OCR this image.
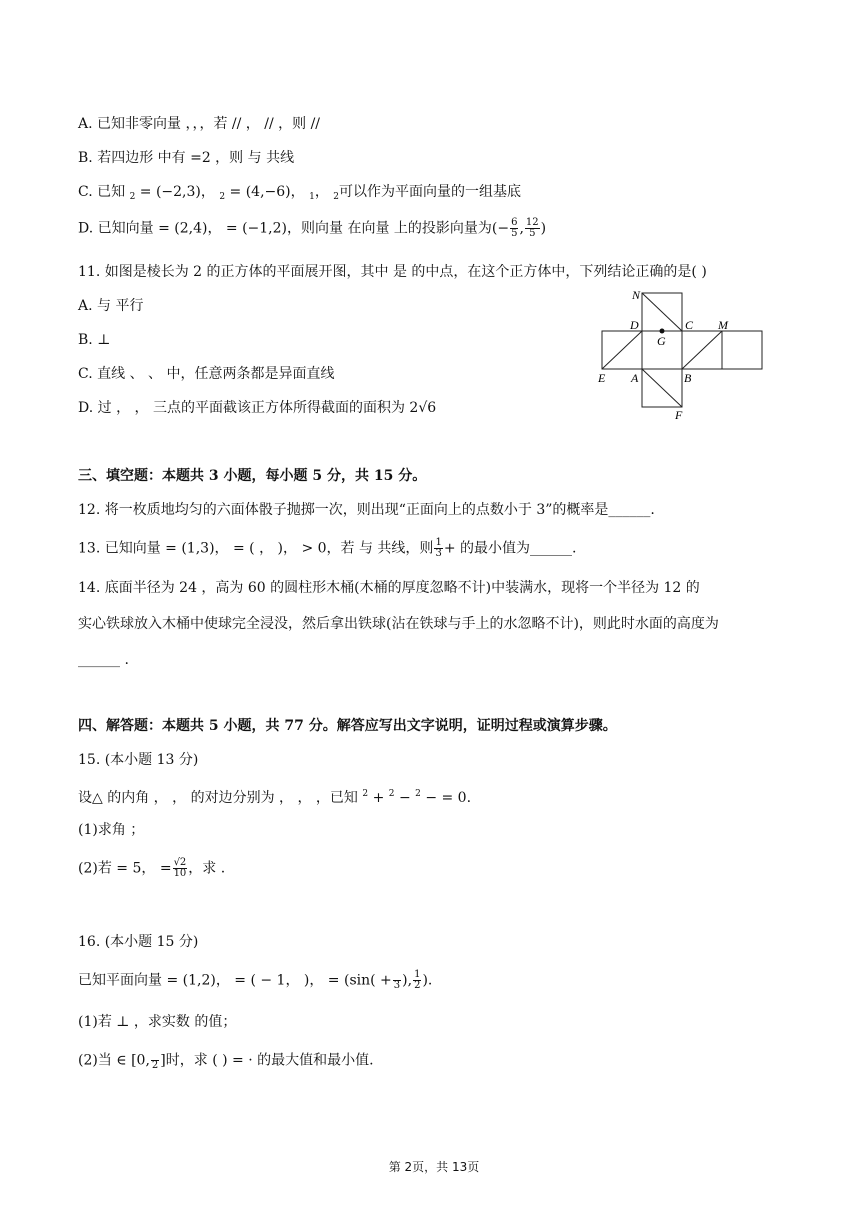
A. 已知非零向量 ，，，若 // ， // ，则 //
B. 若四边形 中有 =2 ，则 与 共线
C. 已知 $_2$ = (−2,3)， $_2$ = (4,−6)， $_1$， $_2$可以作为平面向量的一组基底
D. 已知向量 = (2,4)， = (−1,2)，则向量 在向量 上的投影向量为(− $\frac{6}{5}$ , $\frac{12}{5}$ )
11. 如图是棱长为 2 的正方体的平面展开图，其中 是 的中点，在这个正方体中，下列结论正确的是( )
A. 与 平行
B. ⊥
C. 直线 、 、 中，任意两条都是异面直线
D. 过 ， ， 三点的平面截该正方体所得截面的面积为 2√6
N
D
G
C M
E A	B
F
三、填空题：本题共 3 小题，每小题 5 分，共 15 分。
12. 将一枚质地均匀的六面体骰子抛掷一次，则出现“正面向上的点数小于 3”的概率是______.
13. 已知向量 = (1,3)， = ( ， )， > 0，若 与 共线，则 $\frac{1}{3}$ + 的最小值为______.
14. 底面半径为 24 ，高为 60 的圆柱形木桶(木桶的厚度忽略不计)中装满水，现将一个半径为 12 的
实心铁球放入木桶中使球完全浸没，然后拿出铁球(沾在铁球与手上的水忽略不计)，则此时水面的高度为
______ .
四、解答题：本题共 5 小题，共 77 分。解答应写出文字说明，证明过程或演算步骤。
15. (本小题 13 分)
设△ 的内角 ， ， 的对边分别为 ， ， ，已知 $^2$ + $^2$ − $^2$ − = 0.
(1)求角 ；
(2)若 = 5， = $\frac{√2}{10}$ ，求 .
16. (本小题 15 分)
已知平面向量 = (1,2)， = ( − 1， )， = (sin( +
3 ), $\frac{1}{2}$ ).
(1)若 ⊥ ，求实数 的值；
(2)当 ∈ [0,
2 ]时，求 ( ) = · 的最大值和最小值.
第 2页，共 13页
